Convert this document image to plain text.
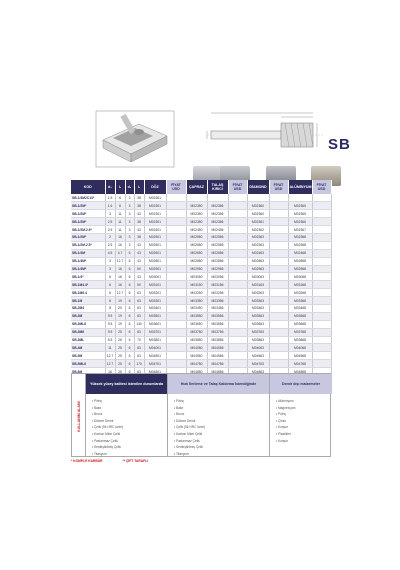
SB
KOD	d₁	l₂	d₂	l₁	DÖZ	FİYAT USD	ÇAPRAZ	TALAŞ KIRICI	FİYAT USD	DİAMOND	FİYAT USD	ALÜMİNYUM	FİYAT USD
SB-1/4M2C13*	1.5	6	3	38	M02261								
SB-1/2M*	1.6	6	3	38	M02301		M02350	M02356		M02360		M02365	
SB-1/2M*	3	11	3	43	M02301		M02350	M02356		M02360		M02365	
SB-1/2M*	2.5	11	3	38	M02301		M02350	M02356		M02361		M02366	
SB-1/2M.2.5*	2.5	11	3	43	M02401		M02450	M02456		M02362		M02367	
SB-1/2M*	2	16	3	38	M02501		M02550	M02556		M02363		M02368	
SB-1/2M.2.5*	2.5	16	3	43	M02501		M02550	M02556		M02363		M02368	
SB-1/4M	4.5	4.7	6	43	M02601		M02650	M02656		M02463		M02468	
SB-1/4M*	3	12.7	6	43	M02801		M02850	M02856		M02863		M02868	
SB-1/4M*	3	16	6	50	M02901		M02950	M02956		M02963		M02968	
SB-1/4*	6	16	6	43	M03001		M03050	M03056		M03063		M03068	
SB-1M4.4*	6	16	6	50	M03101		M03150	M03156		M03163		M03168	
SB-1M6.4	6	12.7	6	63	M03201		M03250	M03256		M03263		M03268	
SB-1M	8	19	6	63	M03301		M03350	M03356		M03363		M03368	
SB-2M4	8	20	6	63	M03401		M03450	M03456		M03463		M03468	
SB-3M	9.5	19	6	63	M03501		M03550	M03556		M03563		M03568	
SB-3ML6	9.5	19	6	140	M03601		M03650	M03656		M03663		M03668	
SB-3M6	9.5	25	6	63	M03701		M03750	M03756		M03763		M03768	
SB-3ML	9.5	26	6	70	M03801		M03850	M03856		M03863		M03868	
SB-4M	11	25	6	63	M04001		M04050	M04056		M04063		M04068	
SB-5M	12.7	25	6	63	M04501		M04550	M04556		M04563		M04568	
SB-5ML6	12.7	25	6	170	M04701		M04750	M04756		M04763		M04768	
SB-6M	16	25	6	63	M04801		M04850	M04856		M04863		M04868	

KULLANIM ALANI
Yüksek yüzey kalitesi istenilen durumlarda
• Pirinç
• Bakır
• Bronz
• Dökme Demir
• Çelik (56 HRC üzeri)
• Karbon Mker Çelik
• Paslanmaz Çelik
• Sertleştirilmiş Çelik
• Titanyum
Hızlı İlerleme ve Talaş Kaldırma İstendiğinde
• Pirinç
• Bakır
• Bronz
• Dökme Demir
• Çelik (56 HRC üzeri)
• Karbon Mker Çelik
• Paslanmaz Çelik
• Sertleştirilmiş Çelik
• Titanyum
Demir dışı malzemeler
• Alüminyum
• Magnezyum
• Pirinç
• Çinko
• Kurşun
• Plastikler
• Kurşun
* KOMPLE KARBÜR	** ÇİFT TARAFLI
